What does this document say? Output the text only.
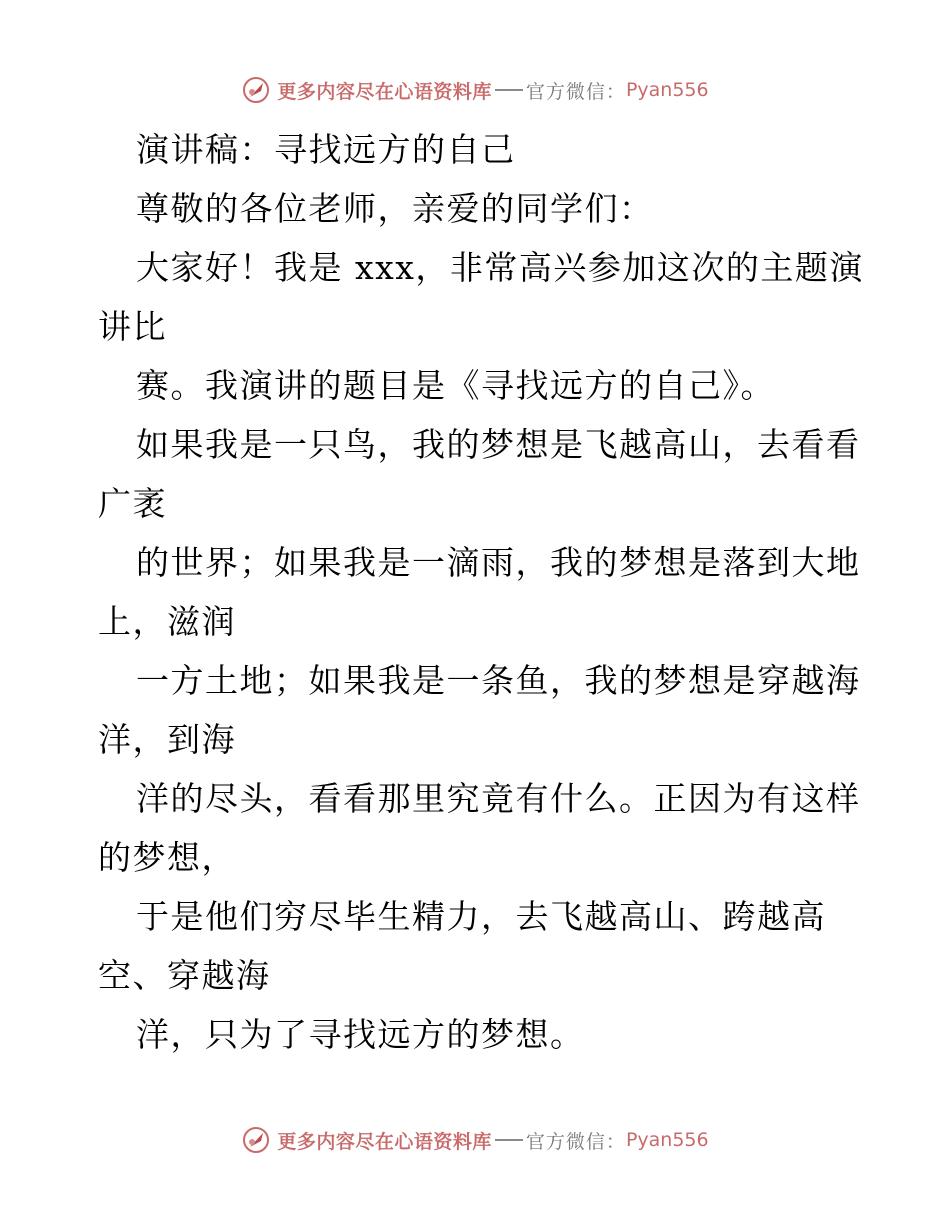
更多内容尽在心语资料库 官方微信： Pyan556
演讲稿：寻找远方的自己
尊敬的各位老师，亲爱的同学们：
大家好！我是 xxx，非常高兴参加这次的主题演
讲比
赛。我演讲的题目是《寻找远方的自己》。
如果我是一只鸟，我的梦想是飞越高山，去看看
广袤
的世界；如果我是一滴雨，我的梦想是落到大地
上，滋润
一方土地；如果我是一条鱼，我的梦想是穿越海
洋，到海
洋的尽头，看看那里究竟有什么。正因为有这样
的梦想，
于是他们穷尽毕生精力，去飞越高山、跨越高
空、穿越海
洋，只为了寻找远方的梦想。
更多内容尽在心语资料库 官方微信： Pyan556
